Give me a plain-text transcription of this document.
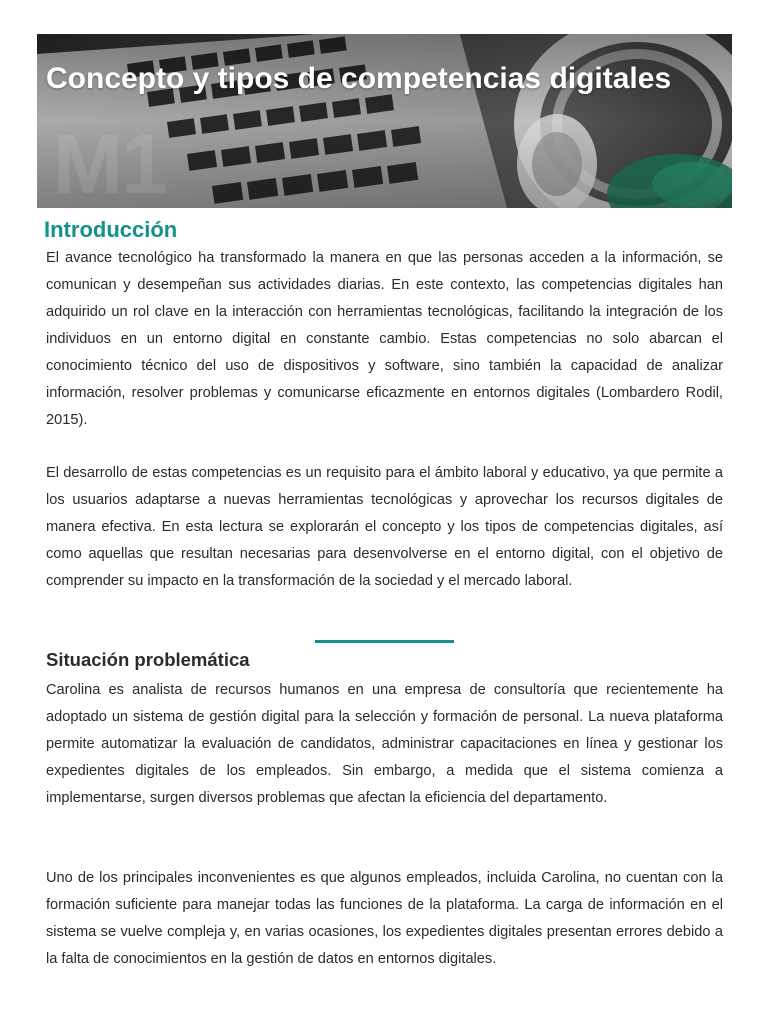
M1
Concepto y tipos de competencias digitales
Introducción

El avance tecnológico ha transformado la manera en que las personas acceden a la información, se comunican y desempeñan sus actividades diarias. En este contexto, las competencias digitales han adquirido un rol clave en la interacción con herramientas tecnológicas, facilitando la integración de los individuos en un entorno digital en constante cambio. Estas competencias no solo abarcan el conocimiento técnico del uso de dispositivos y software, sino también la capacidad de analizar información, resolver problemas y comunicarse eficazmente en entornos digitales (Lombardero Rodil, 2015).

El desarrollo de estas competencias es un requisito para el ámbito laboral y educativo, ya que permite a los usuarios adaptarse a nuevas herramientas tecnológicas y aprovechar los recursos digitales de manera efectiva. En esta lectura se explorarán el concepto y los tipos de competencias digitales, así como aquellas que resultan necesarias para desenvolverse en el entorno digital, con el objetivo de comprender su impacto en la transformación de la sociedad y el mercado laboral.

Situación problemática

Carolina es analista de recursos humanos en una empresa de consultoría que recientemente ha adoptado un sistema de gestión digital para la selección y formación de personal. La nueva plataforma permite automatizar la evaluación de candidatos, administrar capacitaciones en línea y gestionar los expedientes digitales de los empleados. Sin embargo, a medida que el sistema comienza a implementarse, surgen diversos problemas que afectan la eficiencia del departamento.

Uno de los principales inconvenientes es que algunos empleados, incluida Carolina, no cuentan con la formación suficiente para manejar todas las funciones de la plataforma. La carga de información en el sistema se vuelve compleja y, en varias ocasiones, los expedientes digitales presentan errores debido a la falta de conocimientos en la gestión de datos en entornos digitales.
